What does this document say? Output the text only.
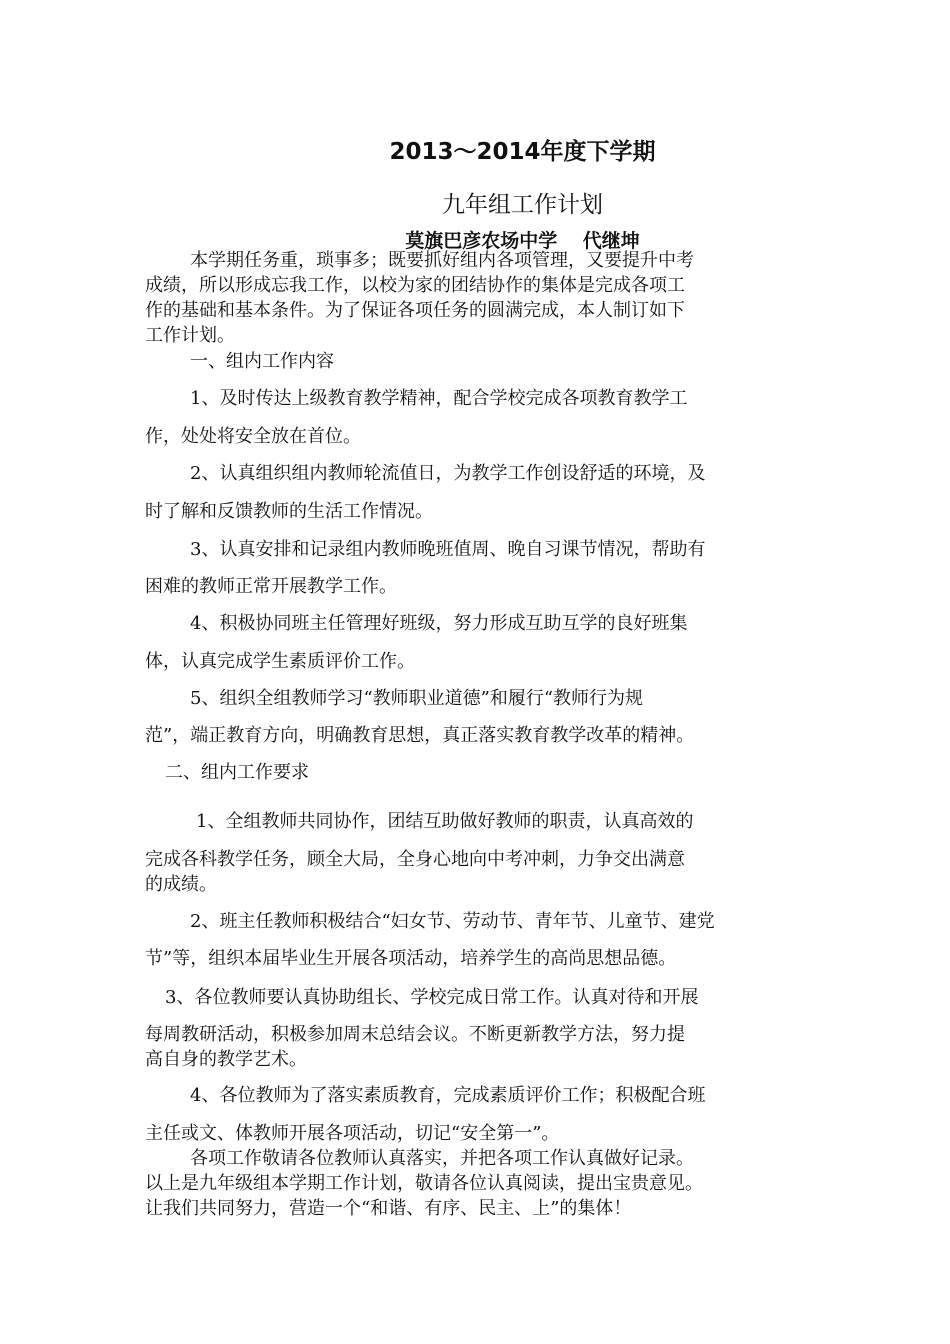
2013～2014年度下学期
九年组工作计划
莫旗巴彦农场中学　 代继坤
本学期任务重，琐事多；既要抓好组内各项管理，又要提升中考
成绩，所以形成忘我工作，以校为家的团结协作的集体是完成各项工
作的基础和基本条件。为了保证各项任务的圆满完成，本人制订如下
工作计划。
一、组内工作内容
1、及时传达上级教育教学精神，配合学校完成各项教育教学工
作，处处将安全放在首位。
2、认真组织组内教师轮流值日，为教学工作创设舒适的环境，及
时了解和反馈教师的生活工作情况。
3、认真安排和记录组内教师晚班值周、晚自习课节情况，帮助有
困难的教师正常开展教学工作。
4、积极协同班主任管理好班级，努力形成互助互学的良好班集
体，认真完成学生素质评价工作。
5、组织全组教师学习“教师职业道德”和履行“教师行为规
范”，端正教育方向，明确教育思想，真正落实教育教学改革的精神。
二、组内工作要求
1、全组教师共同协作，团结互助做好教师的职责，认真高效的
完成各科教学任务，顾全大局，全身心地向中考冲刺，力争交出满意
的成绩。
2、班主任教师积极结合“妇女节、劳动节、青年节、儿童节、建党
节”等，组织本届毕业生开展各项活动，培养学生的高尚思想品德。
3、各位教师要认真协助组长、学校完成日常工作。认真对待和开展
每周教研活动，积极参加周末总结会议。不断更新教学方法，努力提
高自身的教学艺术。
4、各位教师为了落实素质教育，完成素质评价工作；积极配合班
主任或文、体教师开展各项活动，切记“安全第一”。
各项工作敬请各位教师认真落实，并把各项工作认真做好记录。
以上是九年级组本学期工作计划，敬请各位认真阅读，提出宝贵意见。
让我们共同努力，营造一个“和谐、有序、民主、上”的集体！
